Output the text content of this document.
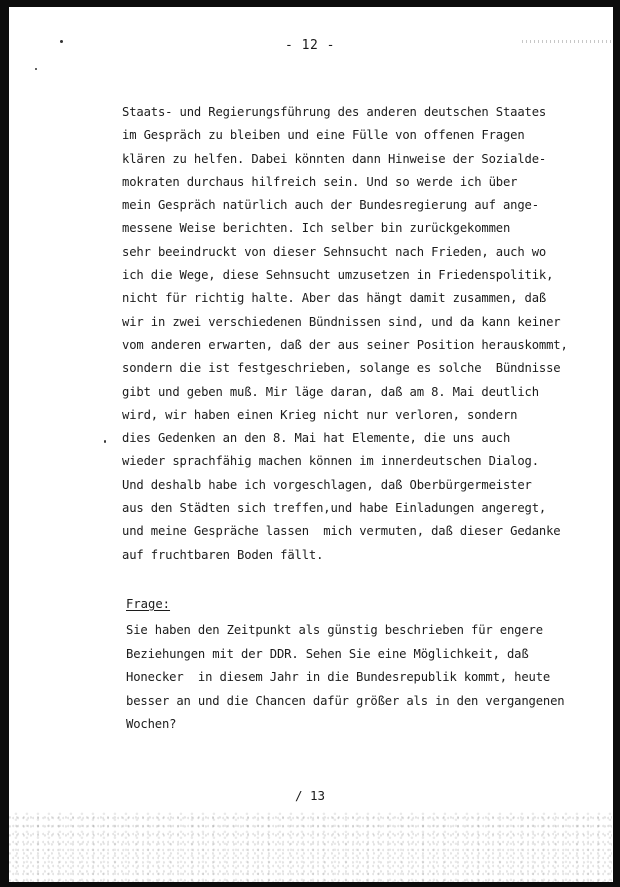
- 12 -
Staats- und Regierungsführung des anderen deutschen Staates
im Gespräch zu bleiben und eine Fülle von offenen Fragen
klären zu helfen. Dabei könnten dann Hinweise der Sozialde-
mokraten durchaus hilfreich sein. Und so werde ich über
mein Gespräch natürlich auch der Bundesregierung auf ange-
messene Weise berichten. Ich selber bin zurückgekommen
sehr beeindruckt von dieser Sehnsucht nach Frieden, auch wo
ich die Wege, diese Sehnsucht umzusetzen in Friedenspolitik,
nicht für richtig halte. Aber das hängt damit zusammen, daß
wir in zwei verschiedenen Bündnissen sind, und da kann keiner
vom anderen erwarten, daß der aus seiner Position herauskommt,
sondern die ist festgeschrieben, solange es solche  Bündnisse
gibt und geben muß. Mir läge daran, daß am 8. Mai deutlich
wird, wir haben einen Krieg nicht nur verloren, sondern
dies Gedenken an den 8. Mai hat Elemente, die uns auch
wieder sprachfähig machen können im innerdeutschen Dialog.
Und deshalb habe ich vorgeschlagen, daß Oberbürgermeister
aus den Städten sich treffen,und habe Einladungen angeregt,
und meine Gespräche lassen  mich vermuten, daß dieser Gedanke
auf fruchtbaren Boden fällt.
Frage:
Sie haben den Zeitpunkt als günstig beschrieben für engere
Beziehungen mit der DDR. Sehen Sie eine Möglichkeit, daß
Honecker  in diesem Jahr in die Bundesrepublik kommt, heute
besser an und die Chancen dafür größer als in den vergangenen
Wochen?
/ 13
